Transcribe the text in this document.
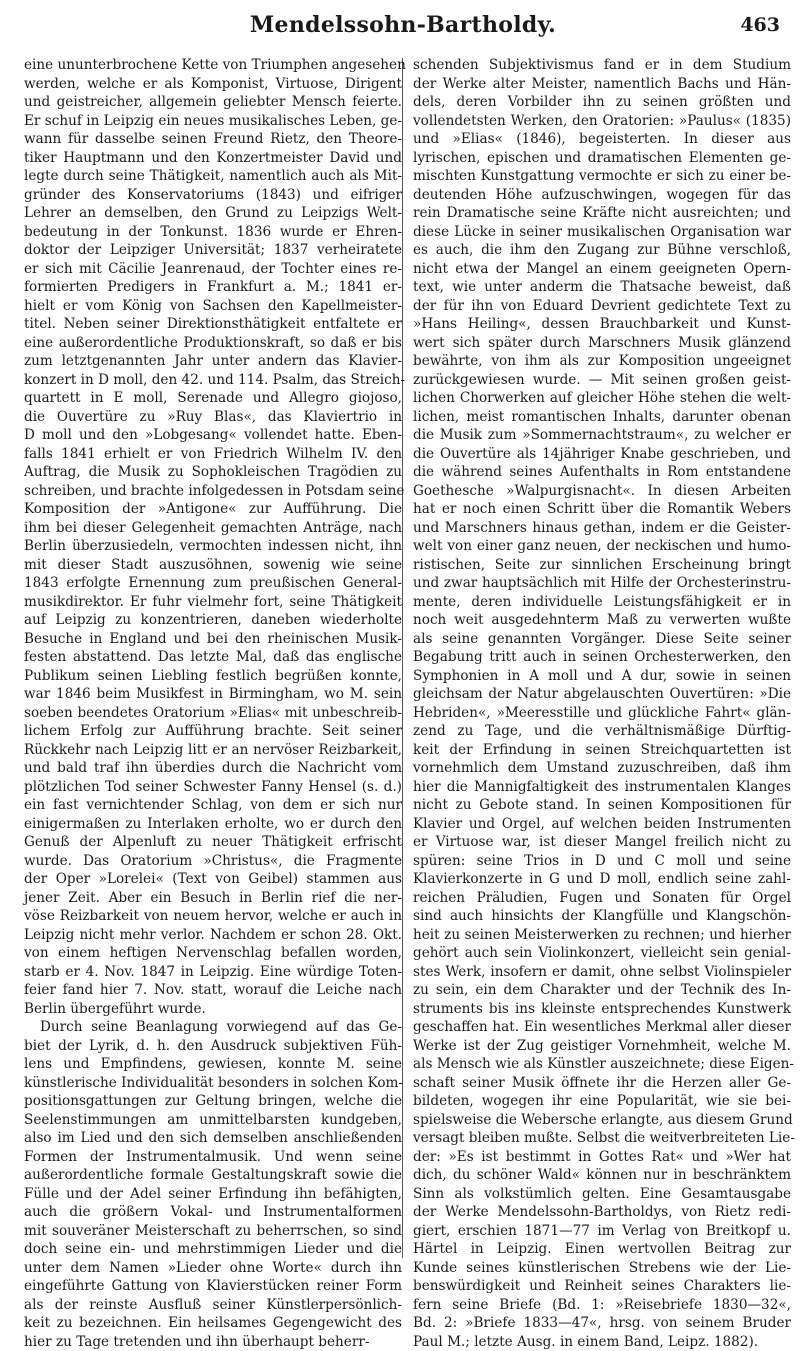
Mendelssohn-Bartholdy.	463
eine ununterbrochene Kette von Triumphen angesehen
werden, welche er als Komponist, Virtuose, Dirigent
und geistreicher, allgemein geliebter Mensch feierte.
Er schuf in Leipzig ein neues musikalisches Leben, ge-
wann für dasselbe seinen Freund Rietz, den Theore-
tiker Hauptmann und den Konzertmeister David und
legte durch seine Thätigkeit, namentlich auch als Mit-
gründer des Konservatoriums (1843) und eifriger
Lehrer an demselben, den Grund zu Leipzigs Welt-
bedeutung in der Tonkunst. 1836 wurde er Ehren-
doktor der Leipziger Universität; 1837 verheiratete
er sich mit Cäcilie Jeanrenaud, der Tochter eines re-
formierten Predigers in Frankfurt a. M.; 1841 er-
hielt er vom König von Sachsen den Kapellmeister-
titel. Neben seiner Direktionsthätigkeit entfaltete er
eine außerordentliche Produktionskraft, so daß er bis
zum letztgenannten Jahr unter andern das Klavier-
konzert in D moll, den 42. und 114. Psalm, das Streich-
quartett in E moll, Serenade und Allegro giojoso,
die Ouvertüre zu »Ruy Blas«, das Klaviertrio in
D moll und den »Lobgesang« vollendet hatte. Eben-
falls 1841 erhielt er von Friedrich Wilhelm IV. den
Auftrag, die Musik zu Sophokleischen Tragödien zu
schreiben, und brachte infolgedessen in Potsdam seine
Komposition der »Antigone« zur Aufführung. Die
ihm bei dieser Gelegenheit gemachten Anträge, nach
Berlin überzusiedeln, vermochten indessen nicht, ihn
mit dieser Stadt auszusöhnen, sowenig wie seine
1843 erfolgte Ernennung zum preußischen General-
musikdirektor. Er fuhr vielmehr fort, seine Thätigkeit
auf Leipzig zu konzentrieren, daneben wiederholte
Besuche in England und bei den rheinischen Musik-
festen abstattend. Das letzte Mal, daß das englische
Publikum seinen Liebling festlich begrüßen konnte,
war 1846 beim Musikfest in Birmingham, wo M. sein
soeben beendetes Oratorium »Elias« mit unbeschreib-
lichem Erfolg zur Aufführung brachte. Seit seiner
Rückkehr nach Leipzig litt er an nervöser Reizbarkeit,
und bald traf ihn überdies durch die Nachricht vom
plötzlichen Tod seiner Schwester Fanny Hensel (s. d.)
ein fast vernichtender Schlag, von dem er sich nur
einigermaßen zu Interlaken erholte, wo er durch den
Genuß der Alpenluft zu neuer Thätigkeit erfrischt
wurde. Das Oratorium »Christus«, die Fragmente
der Oper »Lorelei« (Text von Geibel) stammen aus
jener Zeit. Aber ein Besuch in Berlin rief die ner-
vöse Reizbarkeit von neuem hervor, welche er auch in
Leipzig nicht mehr verlor. Nachdem er schon 28. Okt.
von einem heftigen Nervenschlag befallen worden,
starb er 4. Nov. 1847 in Leipzig. Eine würdige Toten-
feier fand hier 7. Nov. statt, worauf die Leiche nach
Berlin übergeführt wurde.
Durch seine Beanlagung vorwiegend auf das Ge-
biet der Lyrik, d. h. den Ausdruck subjektiven Füh-
lens und Empfindens, gewiesen, konnte M. seine
künstlerische Individualität besonders in solchen Kom-
positionsgattungen zur Geltung bringen, welche die
Seelenstimmungen am unmittelbarsten kundgeben,
also im Lied und den sich demselben anschließenden
Formen der Instrumentalmusik. Und wenn seine
außerordentliche formale Gestaltungskraft sowie die
Fülle und der Adel seiner Erfindung ihn befähigten,
auch die größern Vokal- und Instrumentalformen
mit souveräner Meisterschaft zu beherrschen, so sind
doch seine ein- und mehrstimmigen Lieder und die
unter dem Namen »Lieder ohne Worte« durch ihn
eingeführte Gattung von Klavierstücken reiner Form
als der reinste Ausfluß seiner Künstlerpersönlich-
keit zu bezeichnen. Ein heilsames Gegengewicht des
hier zu Tage tretenden und ihn überhaupt beherr-
schenden Subjektivismus fand er in dem Studium
der Werke alter Meister, namentlich Bachs und Hän-
dels, deren Vorbilder ihn zu seinen größten und
vollendetsten Werken, den Oratorien: »Paulus« (1835)
und »Elias« (1846), begeisterten. In dieser aus
lyrischen, epischen und dramatischen Elementen ge-
mischten Kunstgattung vermochte er sich zu einer be-
deutenden Höhe aufzuschwingen, wogegen für das
rein Dramatische seine Kräfte nicht ausreichten; und
diese Lücke in seiner musikalischen Organisation war
es auch, die ihm den Zugang zur Bühne verschloß,
nicht etwa der Mangel an einem geeigneten Opern-
text, wie unter anderm die Thatsache beweist, daß
der für ihn von Eduard Devrient gedichtete Text zu
»Hans Heiling«, dessen Brauchbarkeit und Kunst-
wert sich später durch Marschners Musik glänzend
bewährte, von ihm als zur Komposition ungeeignet
zurückgewiesen wurde. — Mit seinen großen geist-
lichen Chorwerken auf gleicher Höhe stehen die welt-
lichen, meist romantischen Inhalts, darunter obenan
die Musik zum »Sommernachtstraum«, zu welcher er
die Ouvertüre als 14jähriger Knabe geschrieben, und
die während seines Aufenthalts in Rom entstandene
Goethesche »Walpurgisnacht«. In diesen Arbeiten
hat er noch einen Schritt über die Romantik Webers
und Marschners hinaus gethan, indem er die Geister-
welt von einer ganz neuen, der neckischen und humo-
ristischen, Seite zur sinnlichen Erscheinung bringt
und zwar hauptsächlich mit Hilfe der Orchesterinstru-
mente, deren individuelle Leistungsfähigkeit er in
noch weit ausgedehnterm Maß zu verwerten wußte
als seine genannten Vorgänger. Diese Seite seiner
Begabung tritt auch in seinen Orchesterwerken, den
Symphonien in A moll und A dur, sowie in seinen
gleichsam der Natur abgelauschten Ouvertüren: »Die
Hebriden«, »Meeresstille und glückliche Fahrt« glän-
zend zu Tage, und die verhältnismäßige Dürftig-
keit der Erfindung in seinen Streichquartetten ist
vornehmlich dem Umstand zuzuschreiben, daß ihm
hier die Mannigfaltigkeit des instrumentalen Klanges
nicht zu Gebote stand. In seinen Kompositionen für
Klavier und Orgel, auf welchen beiden Instrumenten
er Virtuose war, ist dieser Mangel freilich nicht zu
spüren: seine Trios in D und C moll und seine
Klavierkonzerte in G und D moll, endlich seine zahl-
reichen Präludien, Fugen und Sonaten für Orgel
sind auch hinsichts der Klangfülle und Klangschön-
heit zu seinen Meisterwerken zu rechnen; und hierher
gehört auch sein Violinkonzert, vielleicht sein genial-
stes Werk, insofern er damit, ohne selbst Violinspieler
zu sein, ein dem Charakter und der Technik des In-
struments bis ins kleinste entsprechendes Kunstwerk
geschaffen hat. Ein wesentliches Merkmal aller dieser
Werke ist der Zug geistiger Vornehmheit, welche M.
als Mensch wie als Künstler auszeichnete; diese Eigen-
schaft seiner Musik öffnete ihr die Herzen aller Ge-
bildeten, wogegen ihr eine Popularität, wie sie bei-
spielsweise die Webersche erlangte, aus diesem Grund
versagt bleiben mußte. Selbst die weitverbreiteten Lie-
der: »Es ist bestimmt in Gottes Rat« und »Wer hat
dich, du schöner Wald« können nur in beschränktem
Sinn als volkstümlich gelten. Eine Gesamtausgabe
der Werke Mendelssohn-Bartholdys, von Rietz redi-
giert, erschien 1871—77 im Verlag von Breitkopf u.
Härtel in Leipzig. Einen wertvollen Beitrag zur
Kunde seines künstlerischen Strebens wie der Lie-
benswürdigkeit und Reinheit seines Charakters lie-
fern seine Briefe (Bd. 1: »Reisebriefe 1830—32«,
Bd. 2: »Briefe 1833—47«, hrsg. von seinem Bruder
Paul M.; letzte Ausg. in einem Band, Leipz. 1882).
